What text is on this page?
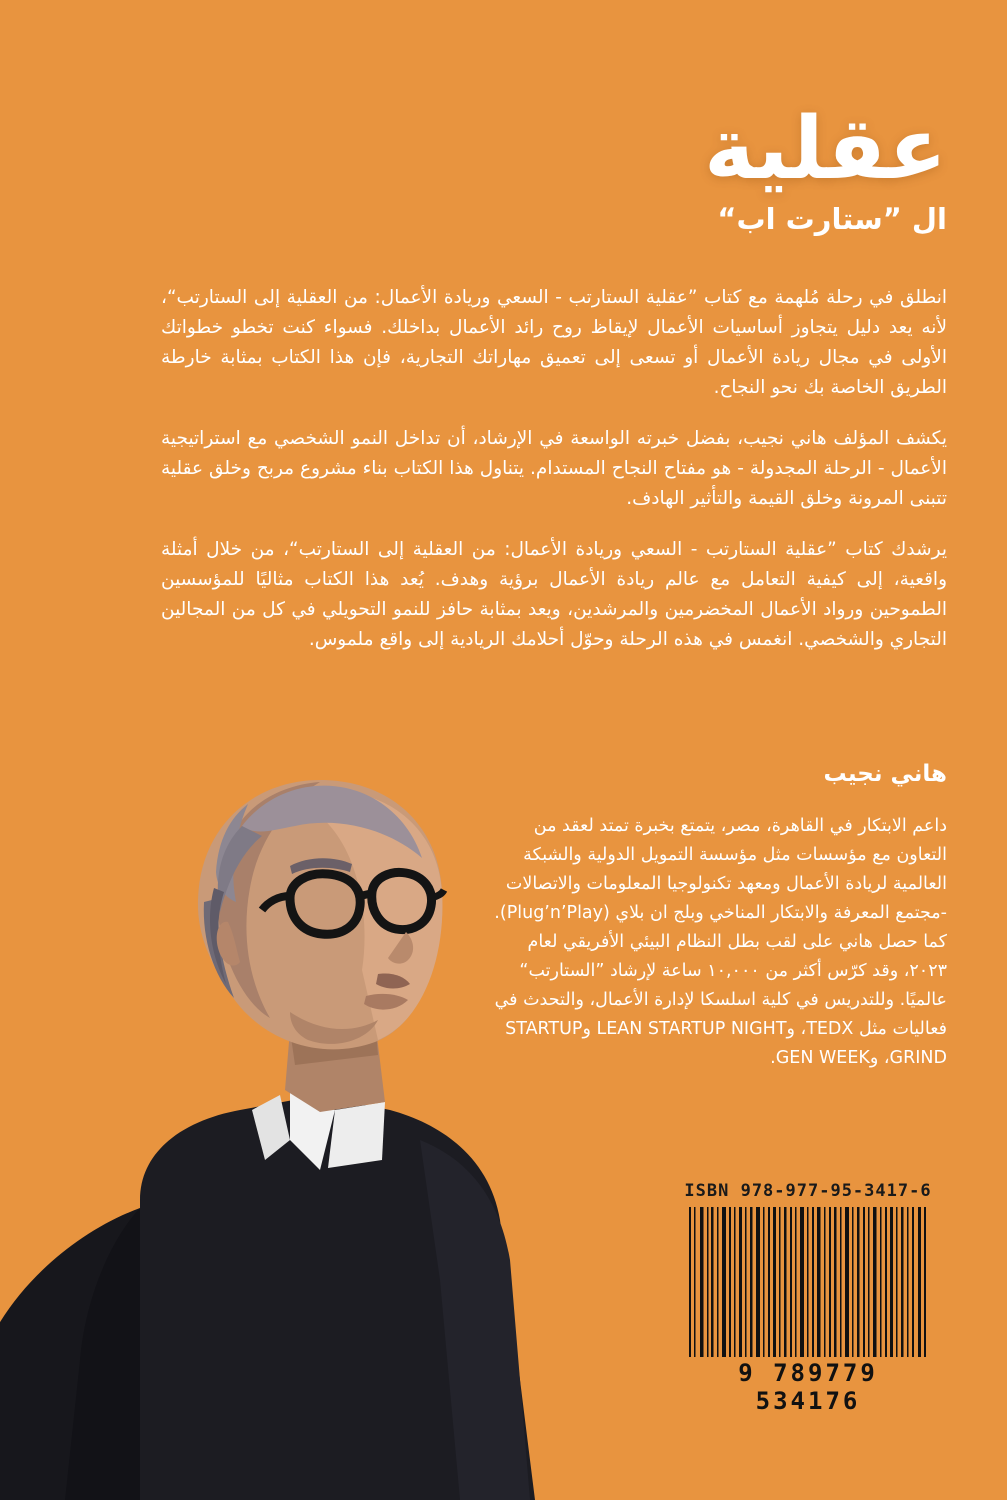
عقلية
ال ”ستارت اب“

انطلق في رحلة مُلهمة مع كتاب ”عقلية الستارتب - السعي وريادة الأعمال: من العقلية إلى الستارتب“، لأنه يعد دليل يتجاوز أساسيات الأعمال لإيقاظ روح رائد الأعمال بداخلك. فسواء كنت تخطو خطواتك الأولى في مجال ريادة الأعمال أو تسعى إلى تعميق مهاراتك التجارية، فإن هذا الكتاب بمثابة خارطة الطريق الخاصة بك نحو النجاح.

يكشف المؤلف هاني نجيب، بفضل خبرته الواسعة في الإرشاد، أن تداخل النمو الشخصي مع استراتيجية الأعمال - الرحلة المجدولة - هو مفتاح النجاح المستدام. يتناول هذا الكتاب بناء مشروع مربح وخلق عقلية تتبنى المرونة وخلق القيمة والتأثير الهادف.

يرشدك كتاب ”عقلية الستارتب - السعي وريادة الأعمال: من العقلية إلى الستارتب“، من خلال أمثلة واقعية، إلى كيفية التعامل مع عالم ريادة الأعمال برؤية وهدف. يُعد هذا الكتاب مثاليًا للمؤسسين الطموحين ورواد الأعمال المخضرمين والمرشدين، ويعد بمثابة حافز للنمو التحويلي في كل من المجالين التجاري والشخصي. انغمس في هذه الرحلة وحوّل أحلامك الريادية إلى واقع ملموس.

هاني نجيب

داعم الابتكار في القاهرة، مصر، يتمتع بخبرة تمتد لعقد من التعاون مع مؤسسات مثل مؤسسة التمويل الدولية والشبكة العالمية لريادة الأعمال ومعهد تكنولوجيا المعلومات والاتصالات -مجتمع المعرفة والابتكار المناخي وبلج ان بلاي (Plug’n’Play). كما حصل هاني على لقب بطل النظام البيئي الأفريقي لعام ٢٠٢٣، وقد كرّس أكثر من ١٠,٠٠٠ ساعة لإرشاد ”الستارتب“ عالميًا. وللتدريس في كلية اسلسكا لإدارة الأعمال، والتحدث في فعاليات مثل TEDX، وLEAN STARTUP NIGHT وSTARTUP GRIND، وGEN WEEK.

ISBN 978-977-95-3417-6
9 789779 534176
